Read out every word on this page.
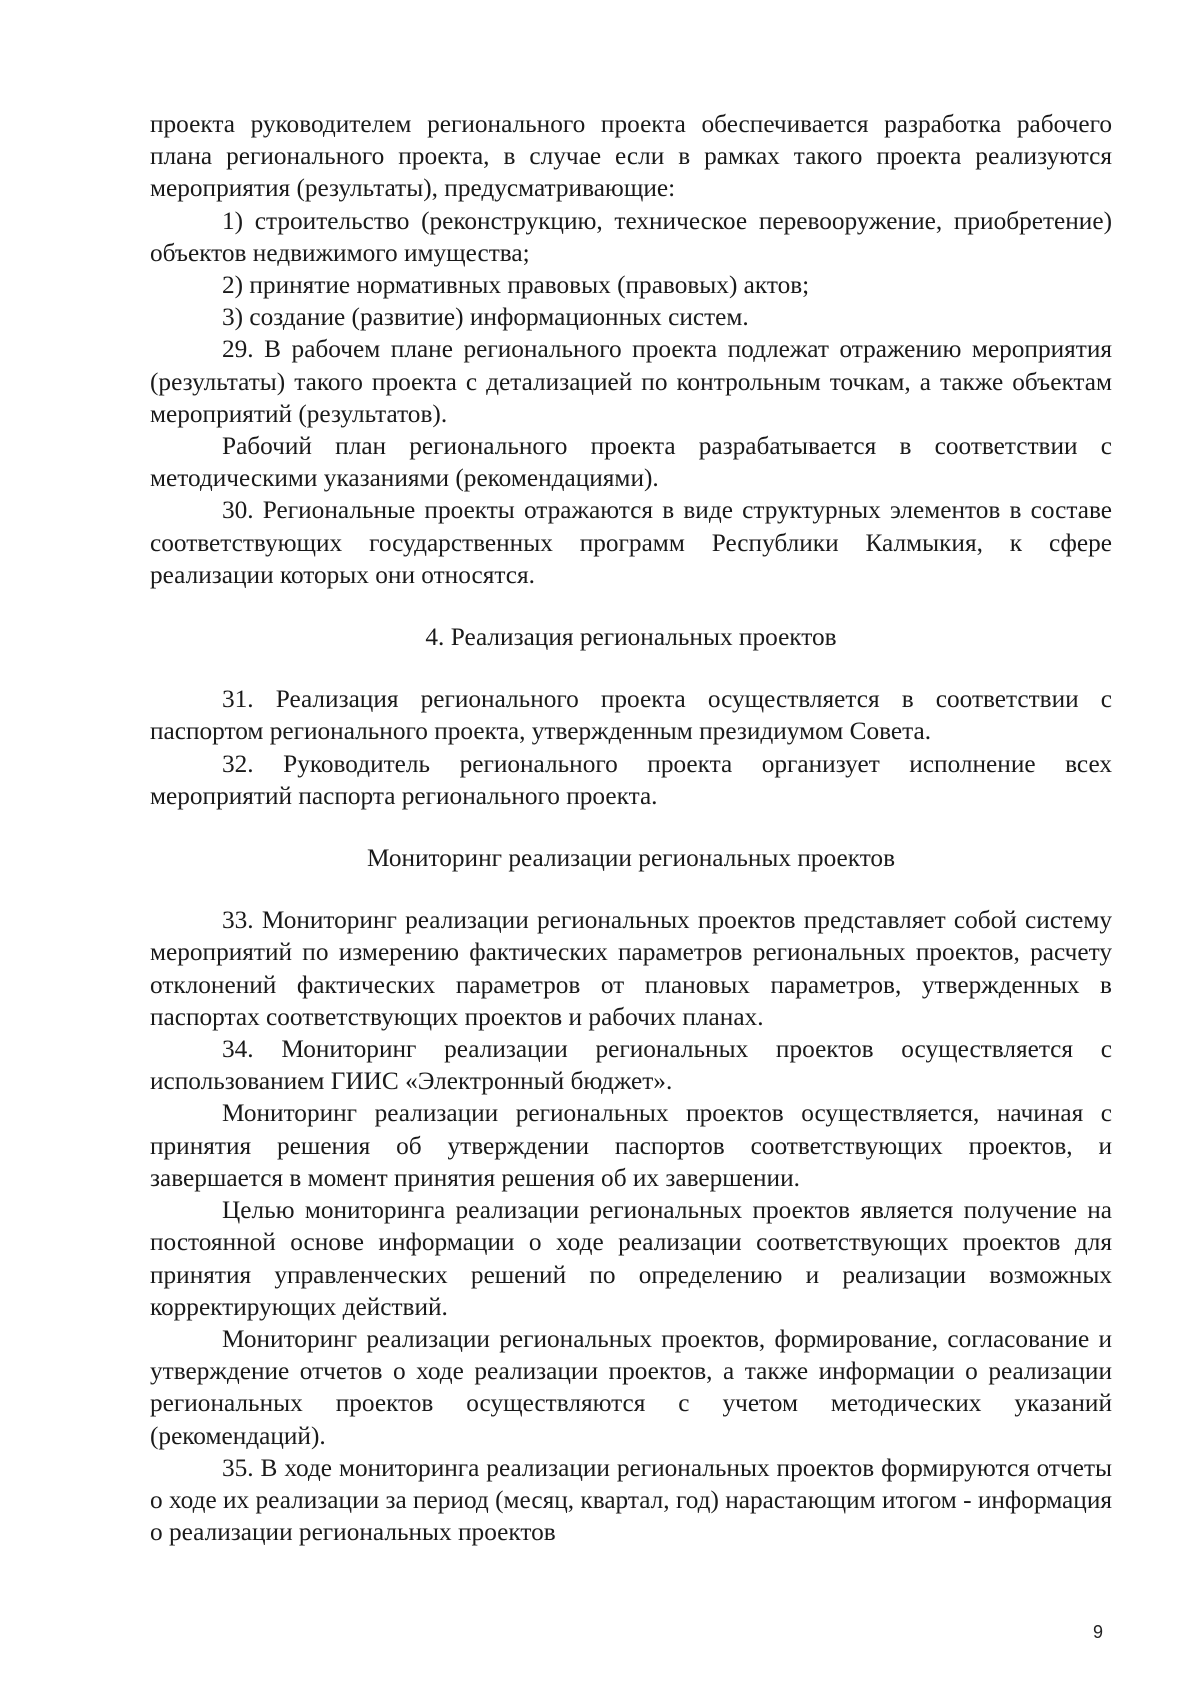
проекта руководителем регионального проекта обеспечивается разработка рабочего плана регионального проекта, в случае если в рамках такого проекта реализуются мероприятия (результаты), предусматривающие:

1) строительство (реконструкцию, техническое перевооружение, приобретение) объектов недвижимого имущества;

2) принятие нормативных правовых (правовых) актов;

3) создание (развитие) информационных систем.

29. В рабочем плане регионального проекта подлежат отражению мероприятия (результаты) такого проекта с детализацией по контрольным точкам, а также объектам мероприятий (результатов).

Рабочий план регионального проекта разрабатывается в соответствии с методическими указаниями (рекомендациями).

30. Региональные проекты отражаются в виде структурных элементов в составе соответствующих государственных программ Республики Калмыкия, к сфере реализации которых они относятся.

4. Реализация региональных проектов

31. Реализация регионального проекта осуществляется в соответствии с паспортом регионального проекта, утвержденным президиумом Совета.

32. Руководитель регионального проекта организует исполнение всех мероприятий паспорта регионального проекта.

Мониторинг реализации региональных проектов

33. Мониторинг реализации региональных проектов представляет собой систему мероприятий по измерению фактических параметров региональных проектов, расчету отклонений фактических параметров от плановых параметров, утвержденных в паспортах соответствующих проектов и рабочих планах.

34. Мониторинг реализации региональных проектов осуществляется с использованием ГИИС «Электронный бюджет».

Мониторинг реализации региональных проектов осуществляется, начиная с принятия решения об утверждении паспортов соответствующих проектов, и завершается в момент принятия решения об их завершении.

Целью мониторинга реализации региональных проектов является получение на постоянной основе информации о ходе реализации соответствующих проектов для принятия управленческих решений по определению и реализации возможных корректирующих действий.

Мониторинг реализации региональных проектов, формирование, согласование и утверждение отчетов о ходе реализации проектов, а также информации о реализации региональных проектов осуществляются с учетом методических указаний (рекомендаций).

35. В ходе мониторинга реализации региональных проектов формируются отчеты о ходе их реализации за период (месяц, квартал, год) нарастающим итогом - информация о реализации региональных проектов

9
